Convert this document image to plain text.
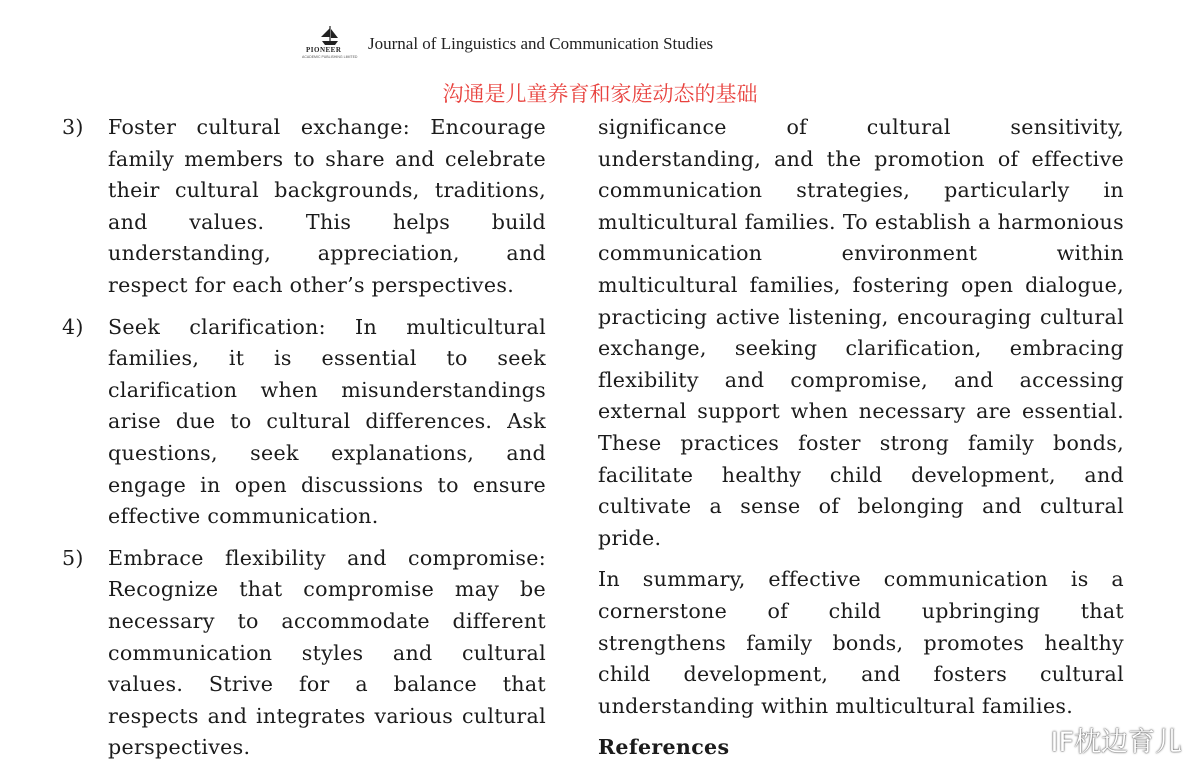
PIONEER
ACADEMIC PUBLISHING LIMITED
Journal of Linguistics and Communication Studies
沟通是儿童养育和家庭动态的基础
3)	Foster cultural exchange: Encourage family members to share and celebrate their cultural backgrounds, traditions, and values. This helps build understanding, appreciation, and respect for each other’s perspectives.
4)	Seek clarification: In multicultural families, it is essential to seek clarification when misunderstandings arise due to cultural differences. Ask questions, seek explanations, and engage in open discussions to ensure effective communication.
5)	Embrace flexibility and compromise: Recognize that compromise may be necessary to accommodate different communication styles and cultural values. Strive for a balance that respects and integrates various cultural perspectives.

significance of cultural sensitivity, understanding, and the promotion of effective communication strategies, particularly in multicultural families. To establish a harmonious communication environment within multicultural families, fostering open dialogue, practicing active listening, encouraging cultural exchange, seeking clarification, embracing flexibility and compromise, and accessing external support when necessary are essential. These practices foster strong family bonds, facilitate healthy child development, and cultivate a sense of belonging and cultural pride.

In summary, effective communication is a cornerstone of child upbringing that strengthens family bonds, promotes healthy child development, and fosters cultural understanding within multicultural families.

References	IF枕边育儿
